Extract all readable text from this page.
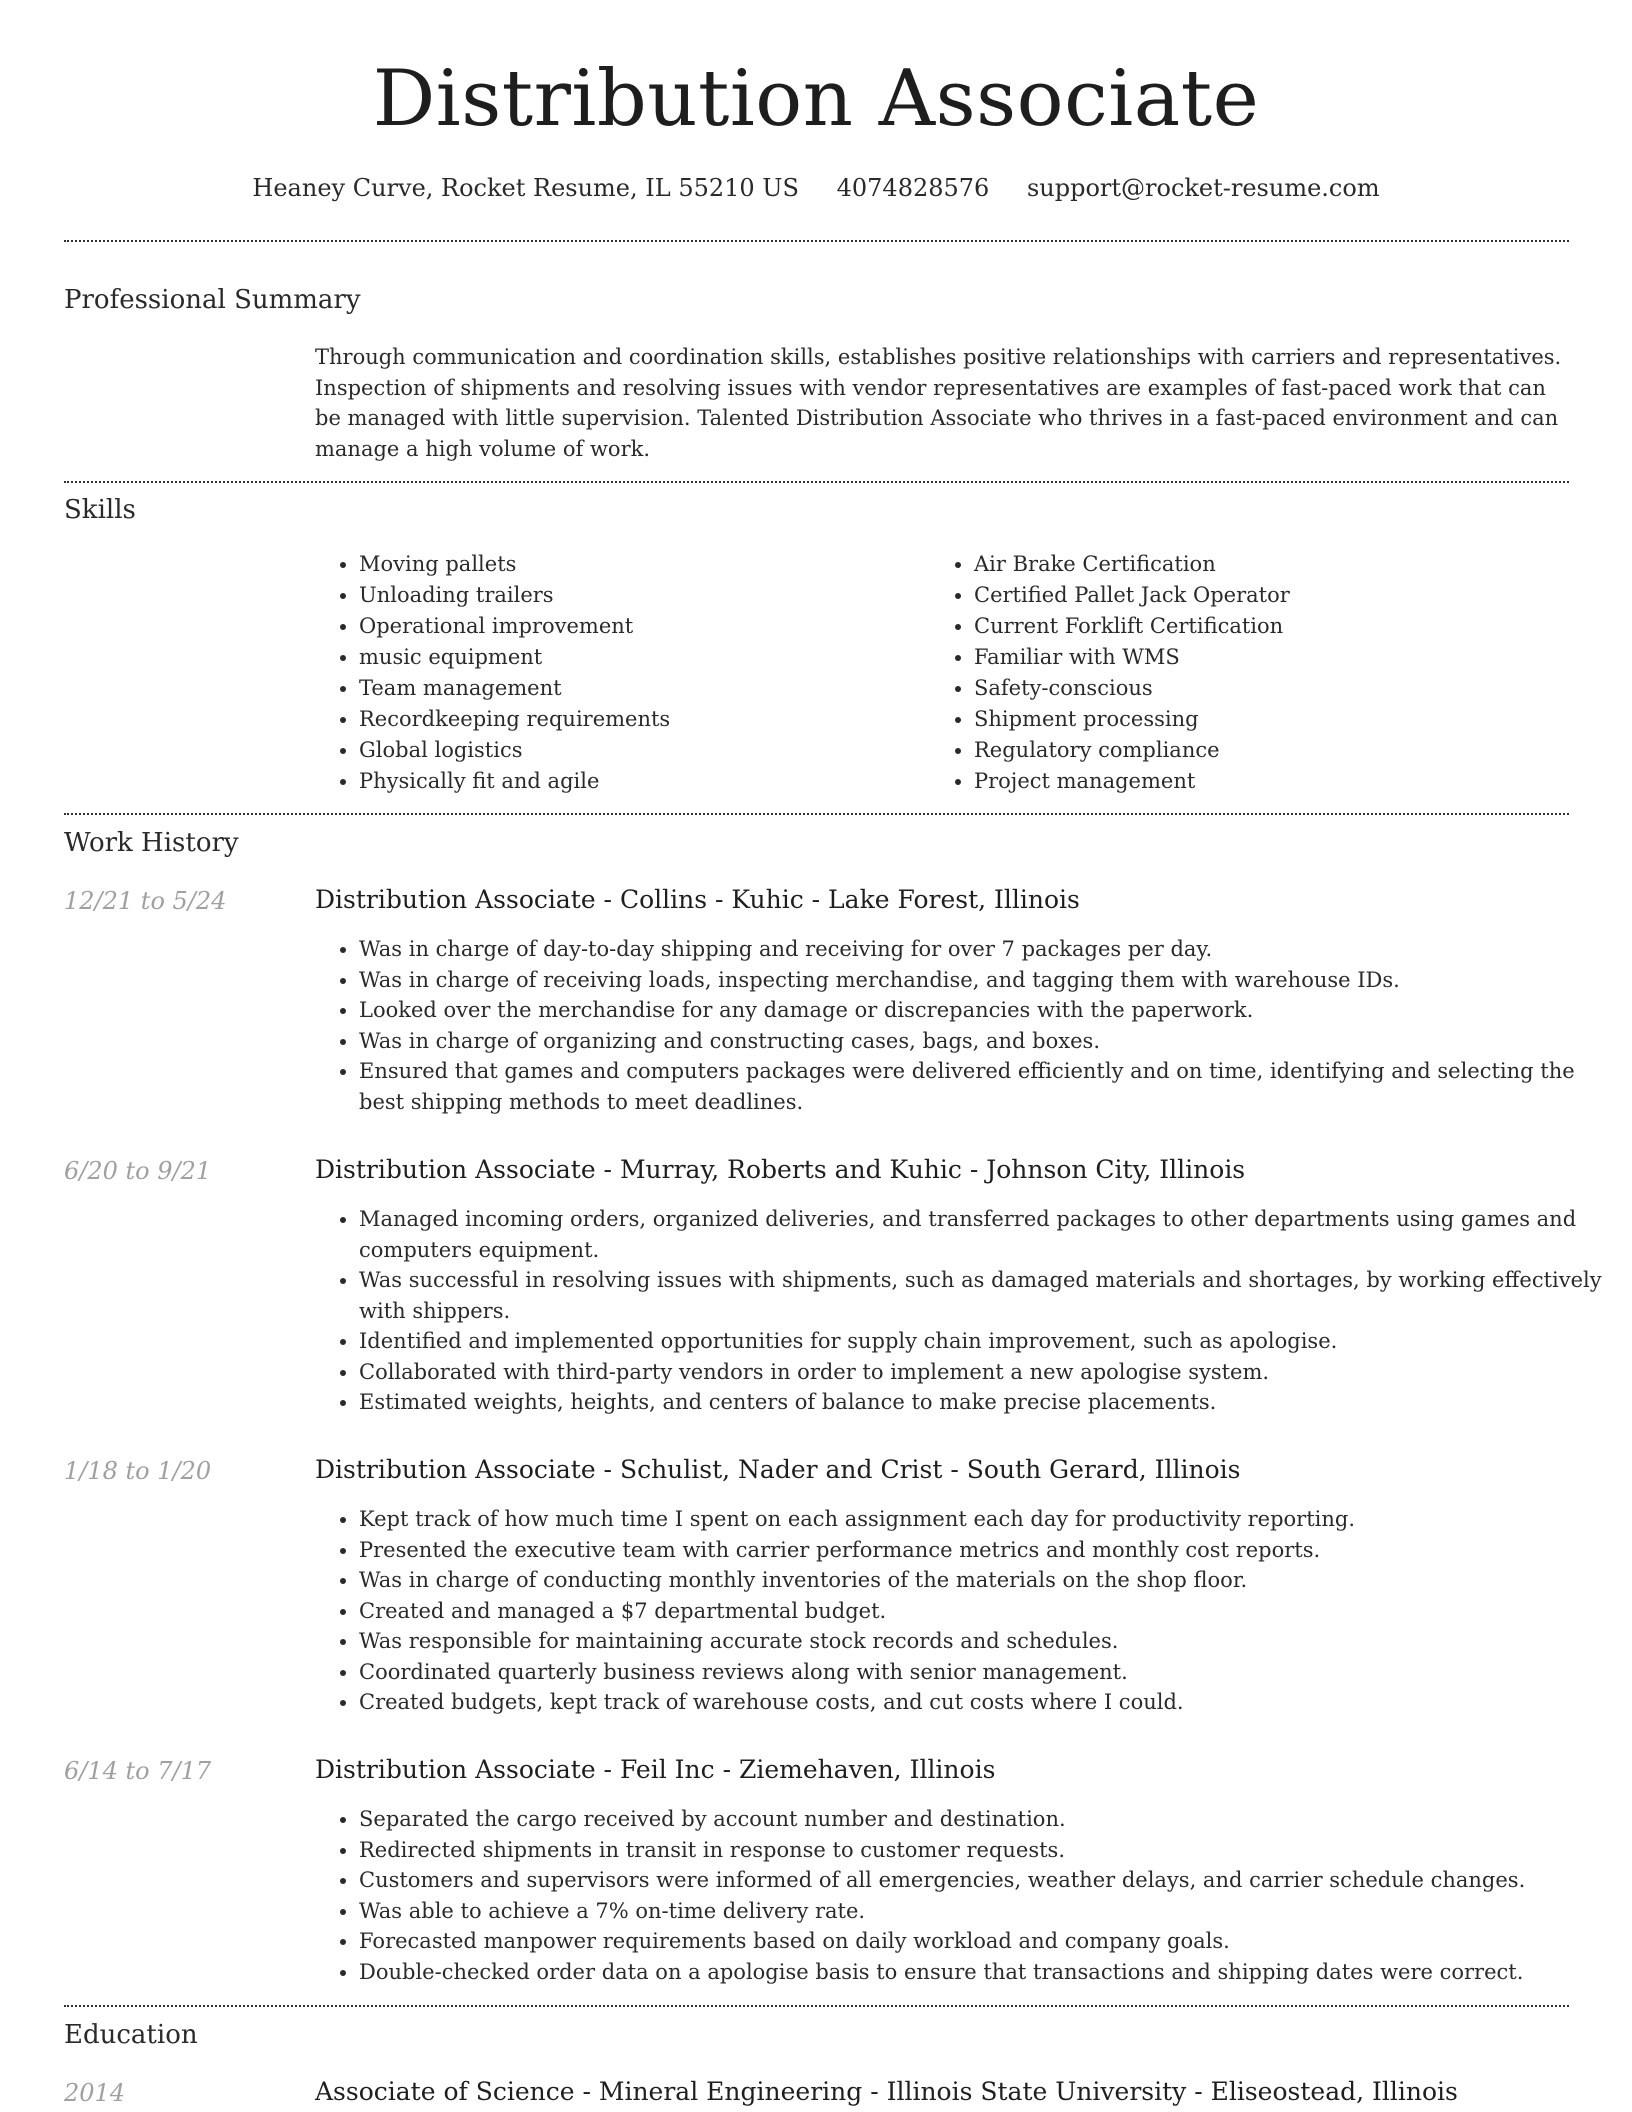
Distribution Associate
Heaney Curve, Rocket Resume, IL 55210 US 4074828576 support@rocket-resume.com
Professional Summary

Through communication and coordination skills, establishes positive relationships with carriers and representatives. Inspection of shipments and resolving issues with vendor representatives are examples of fast-paced work that can be managed with little supervision. Talented Distribution Associate who thrives in a fast-paced environment and can manage a high volume of work.

Skills
• Moving pallets
• Unloading trailers
• Operational improvement
• music equipment
• Team management
• Recordkeeping requirements
• Global logistics
• Physically fit and agile
• Air Brake Certification
• Certified Pallet Jack Operator
• Current Forklift Certification
• Familiar with WMS
• Safety-conscious
• Shipment processing
• Regulatory compliance
• Project management
Work History
12/21 to 5/24	Distribution Associate - Collins - Kuhic - Lake Forest, Illinois
• Was in charge of day-to-day shipping and receiving for over 7 packages per day.
• Was in charge of receiving loads, inspecting merchandise, and tagging them with warehouse IDs.
• Looked over the merchandise for any damage or discrepancies with the paperwork.
• Was in charge of organizing and constructing cases, bags, and boxes.
• Ensured that games and computers packages were delivered efficiently and on time, identifying and selecting the best shipping methods to meet deadlines.
6/20 to 9/21	Distribution Associate - Murray, Roberts and Kuhic - Johnson City, Illinois
• Managed incoming orders, organized deliveries, and transferred packages to other departments using games and computers equipment.
• Was successful in resolving issues with shipments, such as damaged materials and shortages, by working effectively with shippers.
• Identified and implemented opportunities for supply chain improvement, such as apologise.
• Collaborated with third-party vendors in order to implement a new apologise system.
• Estimated weights, heights, and centers of balance to make precise placements.
1/18 to 1/20	Distribution Associate - Schulist, Nader and Crist - South Gerard, Illinois
• Kept track of how much time I spent on each assignment each day for productivity reporting.
• Presented the executive team with carrier performance metrics and monthly cost reports.
• Was in charge of conducting monthly inventories of the materials on the shop floor.
• Created and managed a $7 departmental budget.
• Was responsible for maintaining accurate stock records and schedules.
• Coordinated quarterly business reviews along with senior management.
• Created budgets, kept track of warehouse costs, and cut costs where I could.
6/14 to 7/17	Distribution Associate - Feil Inc - Ziemehaven, Illinois
• Separated the cargo received by account number and destination.
• Redirected shipments in transit in response to customer requests.
• Customers and supervisors were informed of all emergencies, weather delays, and carrier schedule changes.
• Was able to achieve a 7% on-time delivery rate.
• Forecasted manpower requirements based on daily workload and company goals.
• Double-checked order data on a apologise basis to ensure that transactions and shipping dates were correct.
Education
2014	Associate of Science - Mineral Engineering - Illinois State University - Eliseostead, Illinois
